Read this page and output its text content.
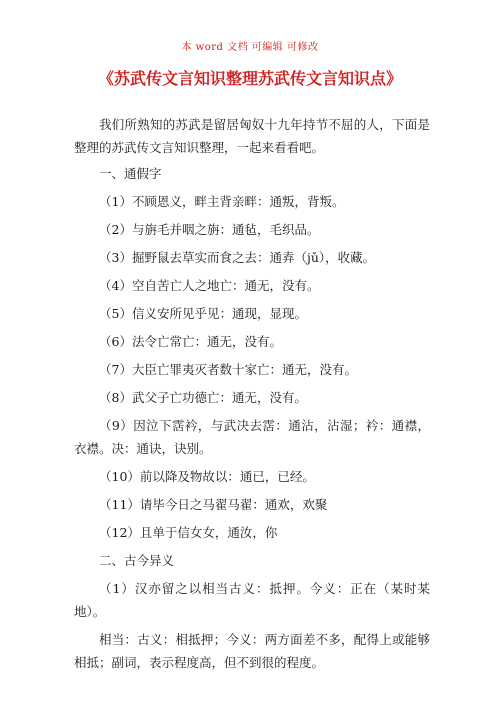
本 word 文档 可编辑 可修改
《苏武传文言知识整理苏武传文言知识点》

我们所熟知的苏武是留居匈奴十九年持节不屈的人，下面是整理的苏武传文言知识整理，一起来看看吧。

一、通假字

（1）不顾恩义，畔主背亲畔：通叛，背叛。

（2）与旃毛并咽之旃：通毡，毛织品。

（3）掘野鼠去草实而食之去：通弆（jǔ），收藏。

（4）空自苦亡人之地亡：通无，没有。

（5）信义安所见乎见：通现，显现。

（6）法令亡常亡：通无，没有。

（7）大臣亡罪夷灭者数十家亡：通无，没有。

（8）武父子亡功德亡：通无，没有。

（9）因泣下霑衿，与武决去霑：通沾，沾湿；衿：通襟，衣襟。决：通诀，诀别。

（10）前以降及物故以：通已，已经。

（11）请毕今日之马翟马翟：通欢，欢聚

（12）且单于信女女，通汝，你

二、古今异义

（1）汉亦留之以相当古义：抵押。今义：正在（某时某地）。

相当：古义：相抵押；今义：两方面差不多，配得上或能够相抵；副词，表示程度高，但不到很的程度。
